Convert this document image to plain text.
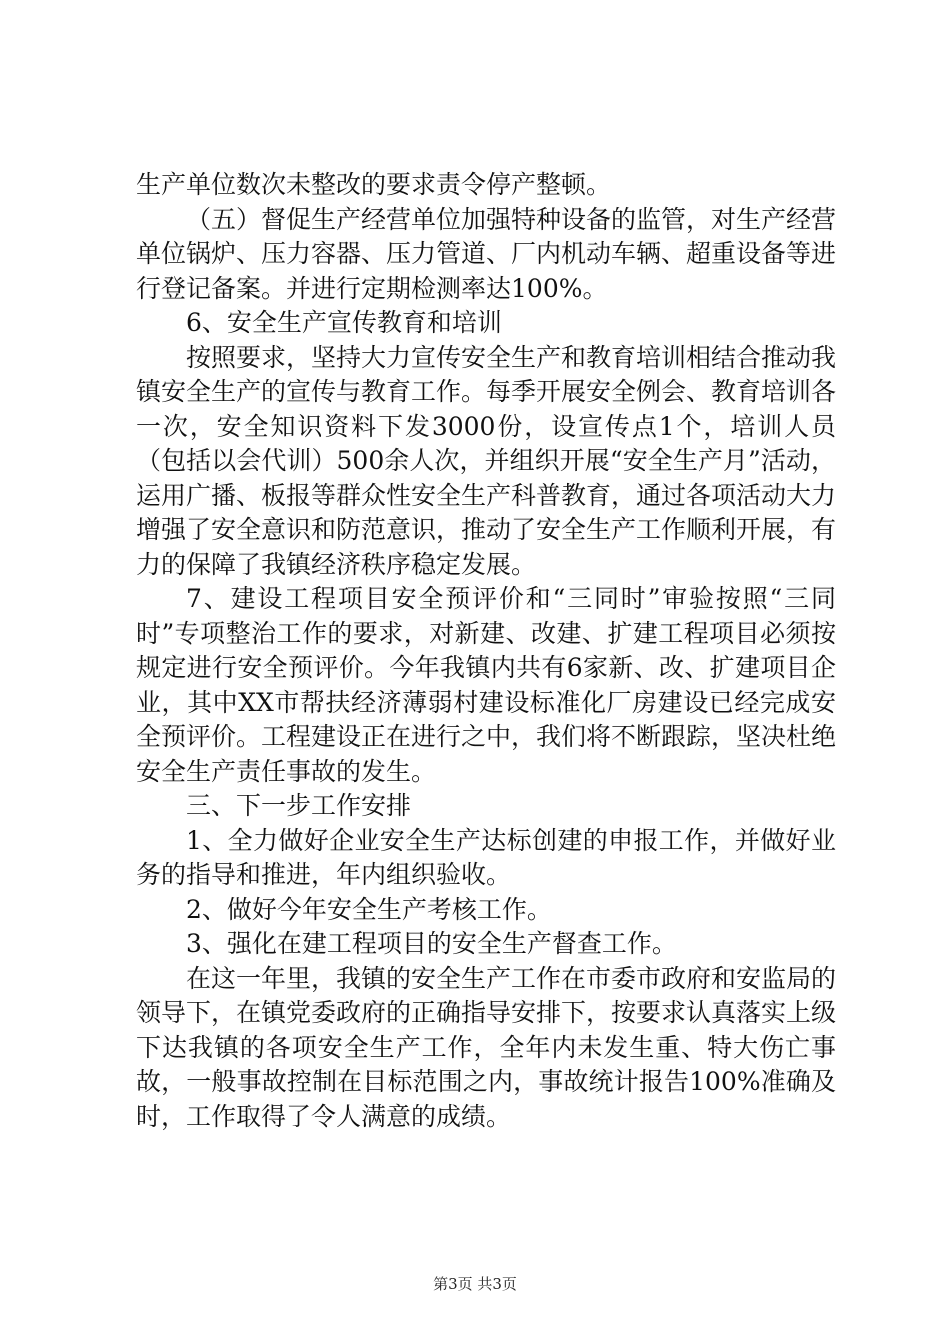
生产单位数次未整改的要求责令停产整顿。

（五）督促生产经营单位加强特种设备的监管，对生产经营单位锅炉、压力容器、压力管道、厂内机动车辆、超重设备等进行登记备案。并进行定期检测率达100%。

6、安全生产宣传教育和培训

按照要求，坚持大力宣传安全生产和教育培训相结合推动我镇安全生产的宣传与教育工作。每季开展安全例会、教育培训各一次，安全知识资料下发3000份，设宣传点1个，培训人员（包括以会代训）500余人次，并组织开展“安全生产月”活动，运用广播、板报等群众性安全生产科普教育，通过各项活动大力增强了安全意识和防范意识，推动了安全生产工作顺利开展，有力的保障了我镇经济秩序稳定发展。

7、建设工程项目安全预评价和“三同时”审验按照“三同时”专项整治工作的要求，对新建、改建、扩建工程项目必须按规定进行安全预评价。今年我镇内共有6家新、改、扩建项目企业，其中XX市帮扶经济薄弱村建设标准化厂房建设已经完成安全预评价。工程建设正在进行之中，我们将不断跟踪，坚决杜绝安全生产责任事故的发生。

三、下一步工作安排

1、全力做好企业安全生产达标创建的申报工作，并做好业务的指导和推进，年内组织验收。

2、做好今年安全生产考核工作。

3、强化在建工程项目的安全生产督查工作。

在这一年里，我镇的安全生产工作在市委市政府和安监局的领导下，在镇党委政府的正确指导安排下，按要求认真落实上级下达我镇的各项安全生产工作，全年内未发生重、特大伤亡事故，一般事故控制在目标范围之内，事故统计报告100%准确及时，工作取得了令人满意的成绩。

第3页 共3页
